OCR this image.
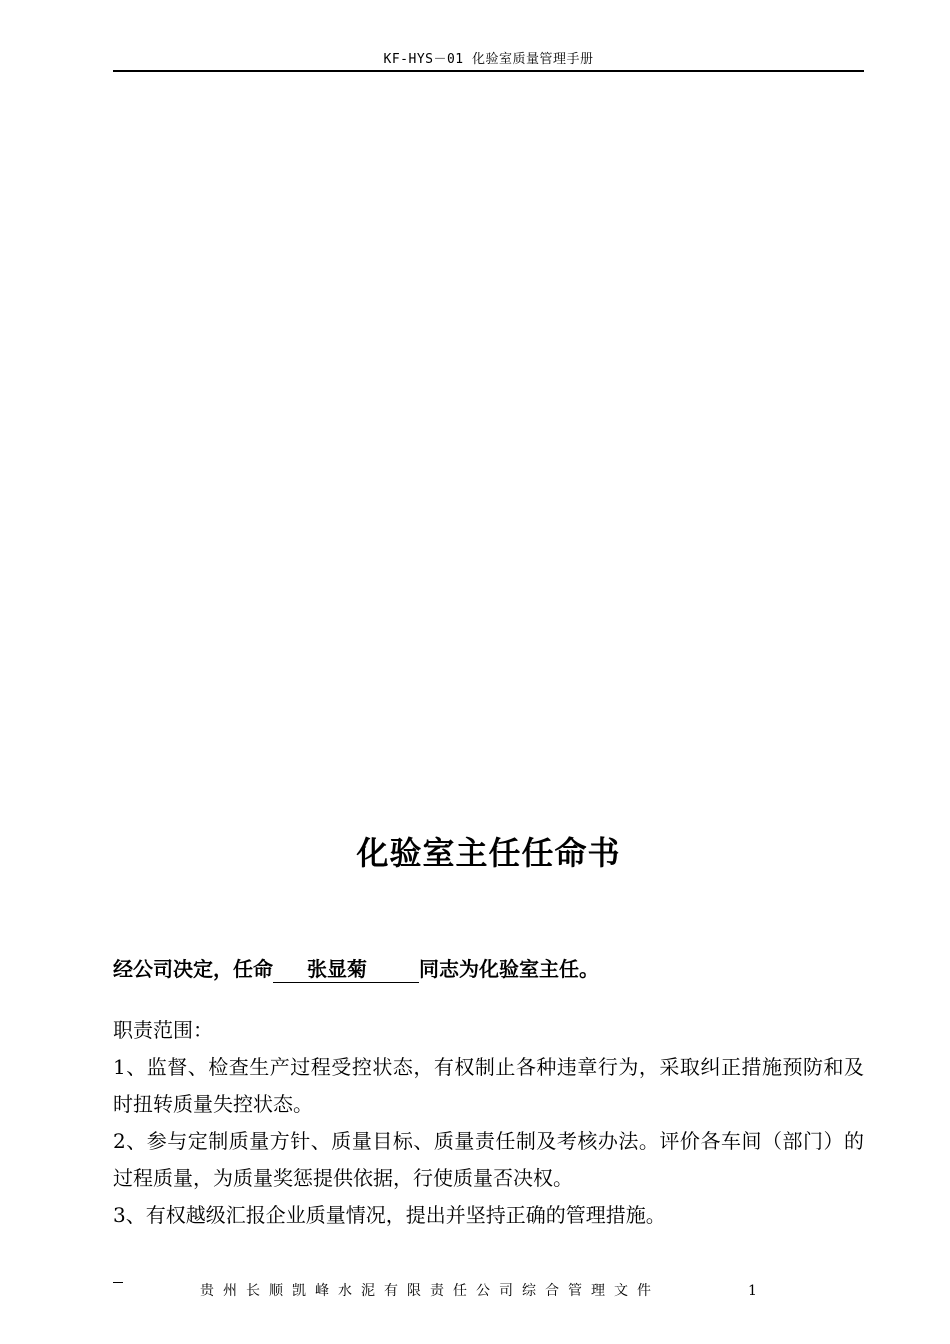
KF-HYS－01 化验室质量管理手册
化验室主任任命书
经公司决定，任命 张显菊	同志为化验室主任。

职责范围：

1、监督、检查生产过程受控状态，有权制止各种违章行为，采取纠正措施预防和及时扭转质量失控状态。

2、参与定制质量方针、质量目标、质量责任制及考核办法。评价各车间（部门）的过程质量，为质量奖惩提供依据，行使质量否决权。

3、有权越级汇报企业质量情况，提出并坚持正确的管理措施。

贵州长顺凯峰水泥有限责任公司综合管理文件	1
